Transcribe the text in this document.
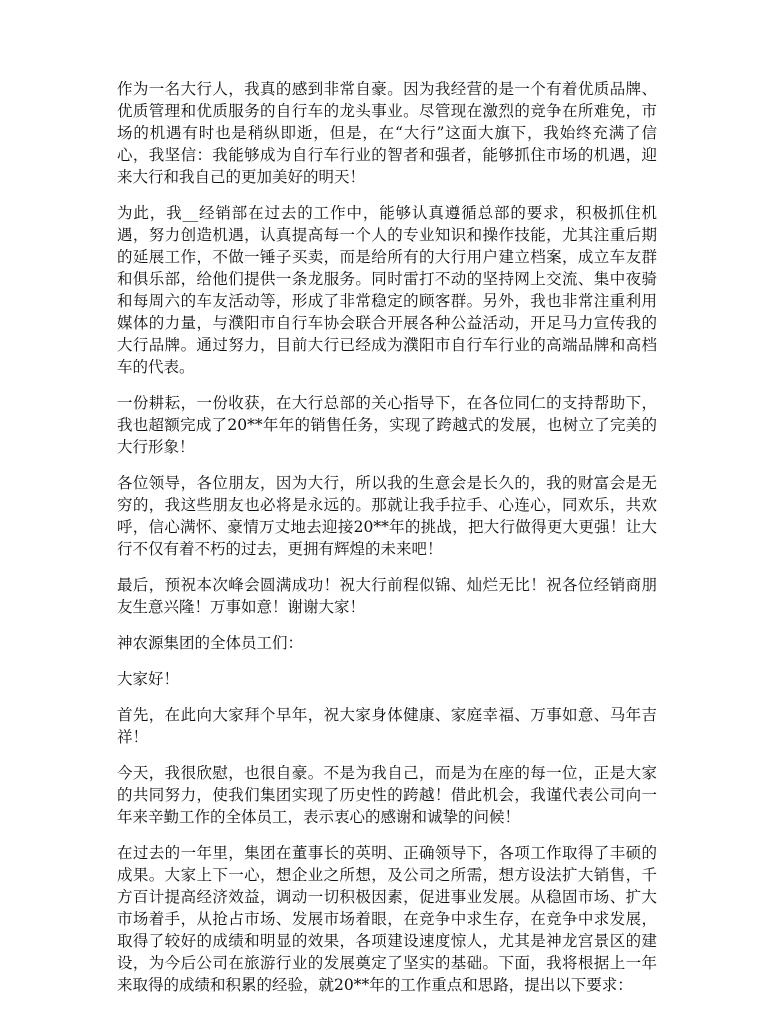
作为一名大行人，我真的感到非常自豪。因为我经营的是一个有着优质品牌、优质管理和优质服务的自行车的龙头事业。尽管现在激烈的竞争在所难免，市场的机遇有时也是稍纵即逝，但是，在“大行”这面大旗下，我始终充满了信心，我坚信：我能够成为自行车行业的智者和强者，能够抓住市场的机遇，迎来大行和我自己的更加美好的明天！

为此，我__经销部在过去的工作中，能够认真遵循总部的要求，积极抓住机遇，努力创造机遇，认真提高每一个人的专业知识和操作技能，尤其注重后期的延展工作，不做一锤子买卖，而是给所有的大行用户建立档案，成立车友群和俱乐部，给他们提供一条龙服务。同时雷打不动的坚持网上交流、集中夜骑和每周六的车友活动等，形成了非常稳定的顾客群。另外，我也非常注重利用媒体的力量，与濮阳市自行车协会联合开展各种公益活动，开足马力宣传我的大行品牌。通过努力，目前大行已经成为濮阳市自行车行业的高端品牌和高档车的代表。

一份耕耘，一份收获，在大行总部的关心指导下，在各位同仁的支持帮助下，我也超额完成了20**年年的销售任务，实现了跨越式的发展，也树立了完美的大行形象！

各位领导，各位朋友，因为大行，所以我的生意会是长久的，我的财富会是无穷的，我这些朋友也必将是永远的。那就让我手拉手、心连心，同欢乐，共欢呼，信心满怀、豪情万丈地去迎接20**年的挑战，把大行做得更大更强！让大行不仅有着不朽的过去，更拥有辉煌的未来吧！

最后，预祝本次峰会圆满成功！祝大行前程似锦、灿烂无比！祝各位经销商朋友生意兴隆！万事如意！谢谢大家！

神农源集团的全体员工们：

大家好！

首先，在此向大家拜个早年，祝大家身体健康、家庭幸福、万事如意、马年吉祥！

今天，我很欣慰，也很自豪。不是为我自己，而是为在座的每一位，正是大家的共同努力，使我们集团实现了历史性的跨越！借此机会，我谨代表公司向一年来辛勤工作的全体员工，表示衷心的感谢和诚挚的问候！

在过去的一年里，集团在董事长的英明、正确领导下，各项工作取得了丰硕的成果。大家上下一心，想企业之所想，及公司之所需，想方设法扩大销售，千方百计提高经济效益，调动一切积极因素，促进事业发展。从稳固市场、扩大市场着手，从抢占市场、发展市场着眼，在竞争中求生存，在竞争中求发展，取得了较好的成绩和明显的效果，各项建设速度惊人，尤其是神龙宫景区的建设，为今后公司在旅游行业的发展奠定了坚实的基础。下面，我将根据上一年来取得的成绩和积累的经验，就20**年的工作重点和思路，提出以下要求：
